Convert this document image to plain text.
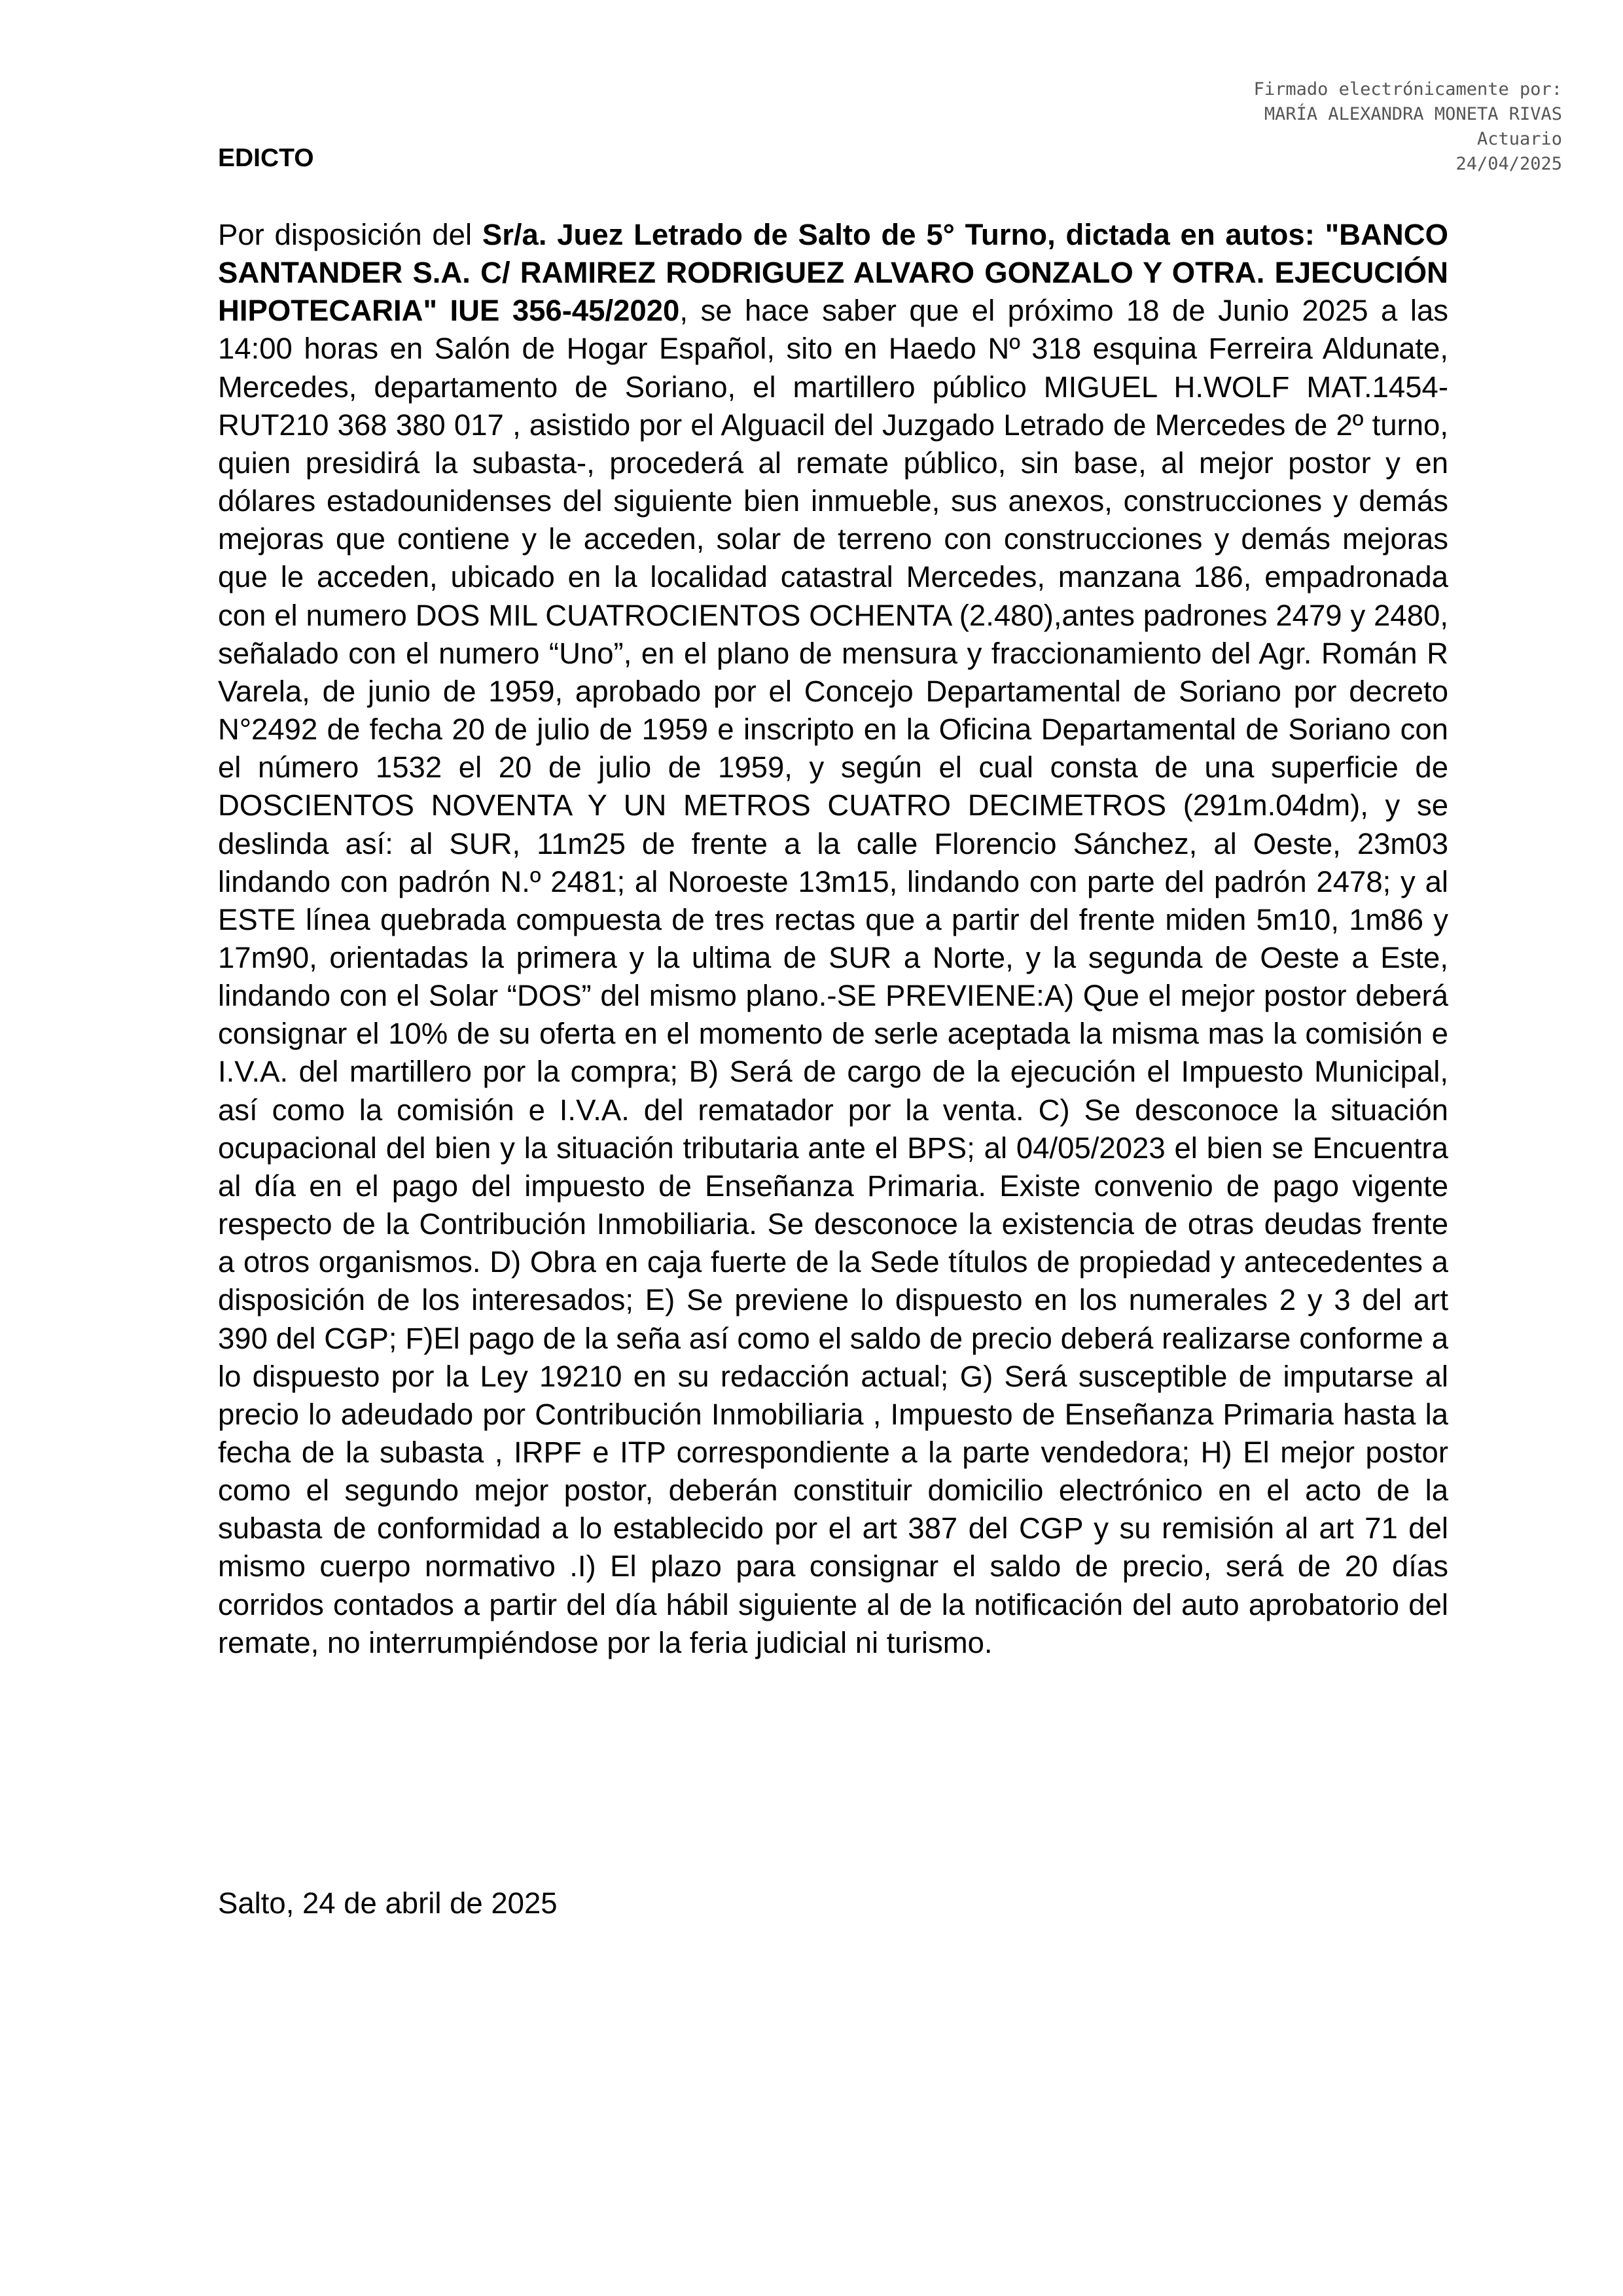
Firmado electrónicamente por:
MARÍA ALEXANDRA MONETA RIVAS
Actuario
24/04/2025
EDICTO

Por disposición del Sr/a. Juez Letrado de Salto de 5° Turno, dictada en autos: "BANCO SANTANDER S.A. C/ RAMIREZ RODRIGUEZ ALVARO GONZALO Y OTRA. EJECUCIÓN HIPOTECARIA" IUE 356-45/2020, se hace saber que el próximo 18 de Junio 2025 a las 14:00 horas en Salón de Hogar Español, sito en Haedo Nº 318 esquina Ferreira Aldunate, Mercedes, departamento de Soriano, el martillero público MIGUEL H.WOLF MAT.1454- RUT210 368 380 017 , asistido por el Alguacil del Juzgado Letrado de Mercedes de 2º turno, quien presidirá la subasta-, procederá al remate público, sin base, al mejor postor y en dólares estadounidenses del siguiente bien inmueble, sus anexos, construcciones y demás mejoras que contiene y le acceden, solar de terreno con construcciones y demás mejoras que le acceden, ubicado en la localidad catastral Mercedes, manzana 186, empadronada con el numero DOS MIL CUATROCIENTOS OCHENTA (2.480),antes padrones 2479 y 2480, señalado con el numero “Uno”, en el plano de mensura y fraccionamiento del Agr. Román R Varela, de junio de 1959, aprobado por el Concejo Departamental de Soriano por decreto N°2492 de fecha 20 de julio de 1959 e inscripto en la Oficina Departamental de Soriano con el número 1532 el 20 de julio de 1959, y según el cual consta de una superficie de DOSCIENTOS NOVENTA Y UN METROS CUATRO DECIMETROS (291m.04dm), y se deslinda así: al SUR, 11m25 de frente a la calle Florencio Sánchez, al Oeste, 23m03 lindando con padrón N.º 2481; al Noroeste 13m15, lindando con parte del padrón 2478; y al ESTE línea quebrada compuesta de tres rectas que a partir del frente miden 5m10, 1m86 y 17m90, orientadas la primera y la ultima de SUR a Norte, y la segunda de Oeste a Este, lindando con el Solar “DOS” del mismo plano.-SE PREVIENE:A) Que el mejor postor deberá consignar el 10% de su oferta en el momento de serle aceptada la misma mas la comisión e I.V.A. del martillero por la compra; B) Será de cargo de la ejecución el Impuesto Municipal, así como la comisión e I.V.A. del rematador por la venta. C) Se desconoce la situación ocupacional del bien y la situación tributaria ante el BPS; al 04/05/2023 el bien se Encuentra al día en el pago del impuesto de Enseñanza Primaria. Existe convenio de pago vigente respecto de la Contribución Inmobiliaria. Se desconoce la existencia de otras deudas frente a otros organismos. D) Obra en caja fuerte de la Sede títulos de propiedad y antecedentes a disposición de los interesados; E) Se previene lo dispuesto en los numerales 2 y 3 del art 390 del CGP; F)El pago de la seña así como el saldo de precio deberá realizarse conforme a lo dispuesto por la Ley 19210 en su redacción actual; G) Será susceptible de imputarse al precio lo adeudado por Contribución Inmobiliaria , Impuesto de Enseñanza Primaria hasta la fecha de la subasta , IRPF e ITP correspondiente a la parte vendedora; H) El mejor postor como el segundo mejor postor, deberán constituir domicilio electrónico en el acto de la subasta de conformidad a lo establecido por el art 387 del CGP y su remisión al art 71 del mismo cuerpo normativo .I) El plazo para consignar el saldo de precio, será de 20 días corridos contados a partir del día hábil siguiente al de la notificación del auto aprobatorio del remate, no interrumpiéndose por la feria judicial ni turismo.

Salto, 24 de abril de 2025
